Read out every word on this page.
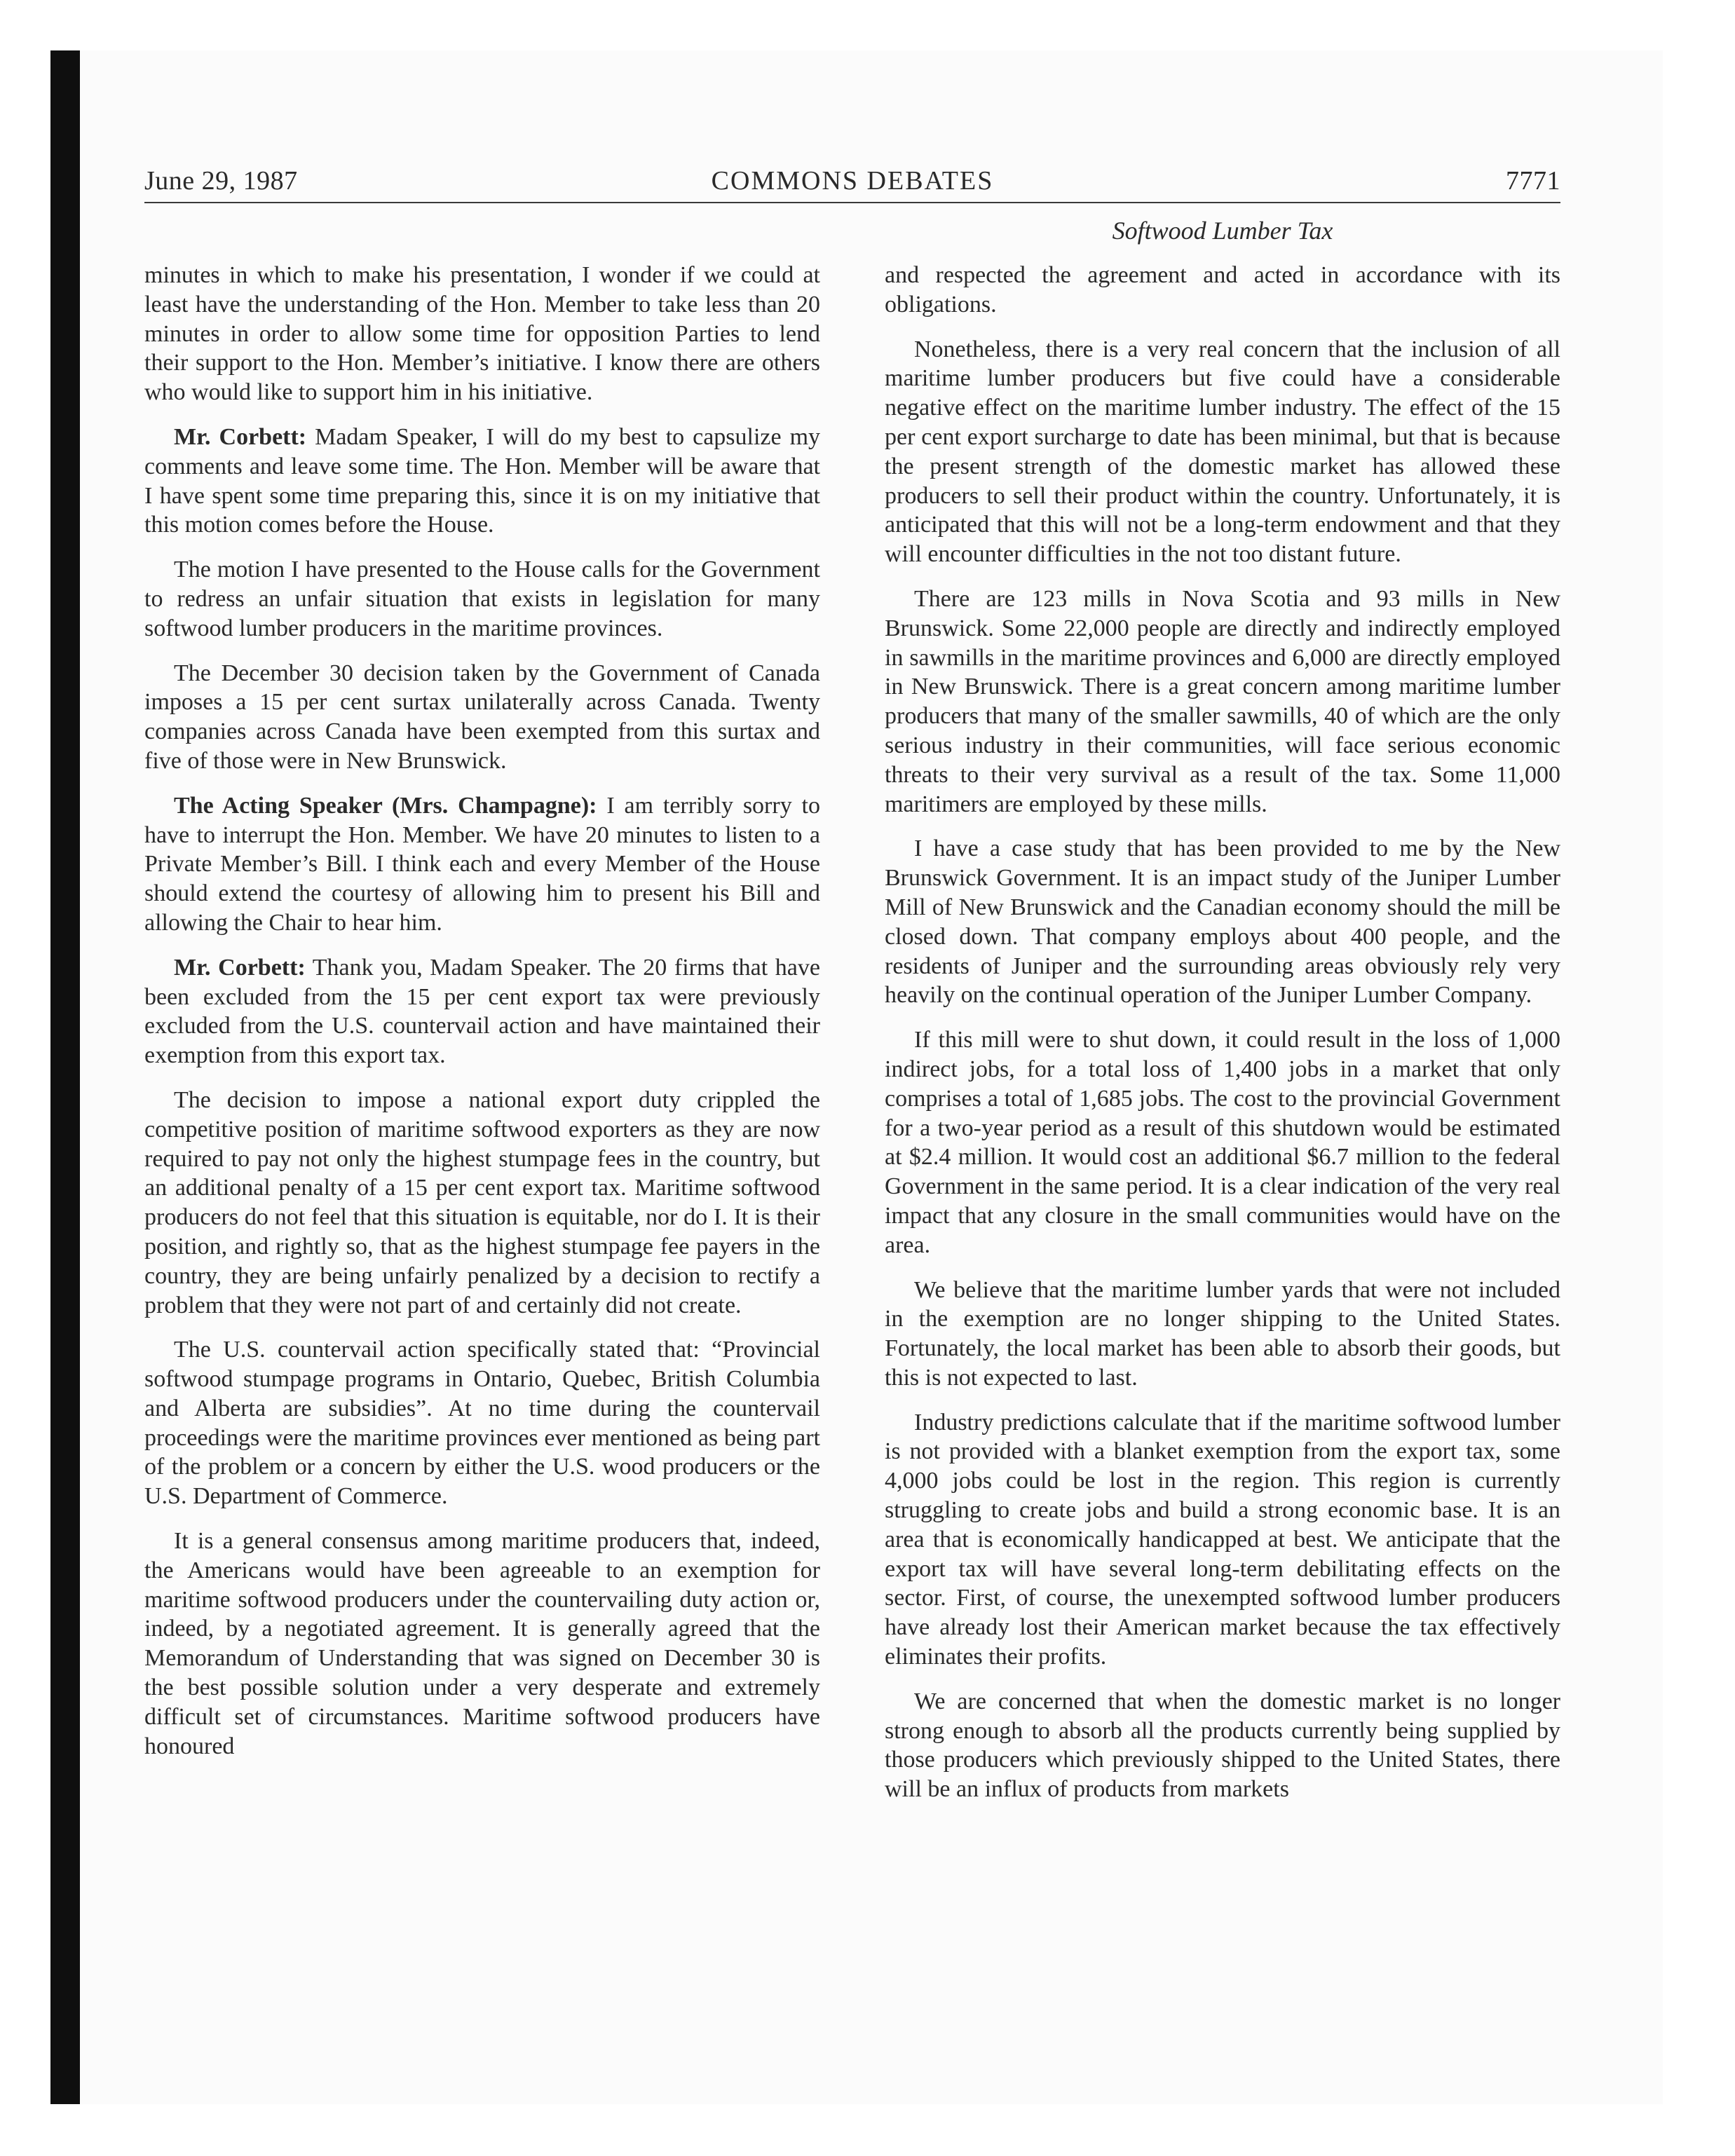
June 29, 1987	COMMONS DEBATES	7771
Softwood Lumber Tax

minutes in which to make his presentation, I wonder if we could at least have the understanding of the Hon. Member to take less than 20 minutes in order to allow some time for opposition Parties to lend their support to the Hon. Member’s initiative. I know there are others who would like to support him in his initiative.

Mr. Corbett: Madam Speaker, I will do my best to capsulize my comments and leave some time. The Hon. Member will be aware that I have spent some time preparing this, since it is on my initiative that this motion comes before the House.

The motion I have presented to the House calls for the Government to redress an unfair situation that exists in legislation for many softwood lumber producers in the maritime provinces.

The December 30 decision taken by the Government of Canada imposes a 15 per cent surtax unilaterally across Canada. Twenty companies across Canada have been exempted from this surtax and five of those were in New Brunswick.

The Acting Speaker (Mrs. Champagne): I am terribly sorry to have to interrupt the Hon. Member. We have 20 minutes to listen to a Private Member’s Bill. I think each and every Member of the House should extend the courtesy of allowing him to present his Bill and allowing the Chair to hear him.

Mr. Corbett: Thank you, Madam Speaker. The 20 firms that have been excluded from the 15 per cent export tax were previously excluded from the U.S. countervail action and have maintained their exemption from this export tax.

The decision to impose a national export duty crippled the competitive position of maritime softwood exporters as they are now required to pay not only the highest stumpage fees in the country, but an additional penalty of a 15 per cent export tax. Maritime softwood producers do not feel that this situation is equitable, nor do I. It is their position, and rightly so, that as the highest stumpage fee payers in the country, they are being unfairly penalized by a decision to rectify a problem that they were not part of and certainly did not create.

The U.S. countervail action specifically stated that: “Provincial softwood stumpage programs in Ontario, Quebec, British Columbia and Alberta are subsidies”. At no time during the countervail proceedings were the maritime provinces ever mentioned as being part of the problem or a concern by either the U.S. wood producers or the U.S. Department of Commerce.

It is a general consensus among maritime producers that, indeed, the Americans would have been agreeable to an exemption for maritime softwood producers under the countervailing duty action or, indeed, by a negotiated agreement. It is generally agreed that the Memorandum of Understanding that was signed on December 30 is the best possible solution under a very desperate and extremely difficult set of circumstances. Maritime softwood producers have honoured

and respected the agreement and acted in accordance with its obligations.

Nonetheless, there is a very real concern that the inclusion of all maritime lumber producers but five could have a considerable negative effect on the maritime lumber industry. The effect of the 15 per cent export surcharge to date has been minimal, but that is because the present strength of the domestic market has allowed these producers to sell their product within the country. Unfortunately, it is anticipated that this will not be a long-term endowment and that they will encounter difficulties in the not too distant future.

There are 123 mills in Nova Scotia and 93 mills in New Brunswick. Some 22,000 people are directly and indirectly employed in sawmills in the maritime provinces and 6,000 are directly employed in New Brunswick. There is a great concern among maritime lumber producers that many of the smaller sawmills, 40 of which are the only serious industry in their communities, will face serious economic threats to their very survival as a result of the tax. Some 11,000 maritimers are employed by these mills.

I have a case study that has been provided to me by the New Brunswick Government. It is an impact study of the Juniper Lumber Mill of New Brunswick and the Canadian economy should the mill be closed down. That company employs about 400 people, and the residents of Juniper and the surrounding areas obviously rely very heavily on the continual operation of the Juniper Lumber Company.

If this mill were to shut down, it could result in the loss of 1,000 indirect jobs, for a total loss of 1,400 jobs in a market that only comprises a total of 1,685 jobs. The cost to the provincial Government for a two-year period as a result of this shutdown would be estimated at $2.4 million. It would cost an additional $6.7 million to the federal Government in the same period. It is a clear indication of the very real impact that any closure in the small communities would have on the area.

We believe that the maritime lumber yards that were not included in the exemption are no longer shipping to the United States. Fortunately, the local market has been able to absorb their goods, but this is not expected to last.

Industry predictions calculate that if the maritime softwood lumber is not provided with a blanket exemption from the export tax, some 4,000 jobs could be lost in the region. This region is currently struggling to create jobs and build a strong economic base. It is an area that is economically handicapped at best. We anticipate that the export tax will have several long-term debilitating effects on the sector. First, of course, the unexempted softwood lumber producers have already lost their American market because the tax effectively eliminates their profits.

We are concerned that when the domestic market is no longer strong enough to absorb all the products currently being supplied by those producers which previously shipped to the United States, there will be an influx of products from markets
